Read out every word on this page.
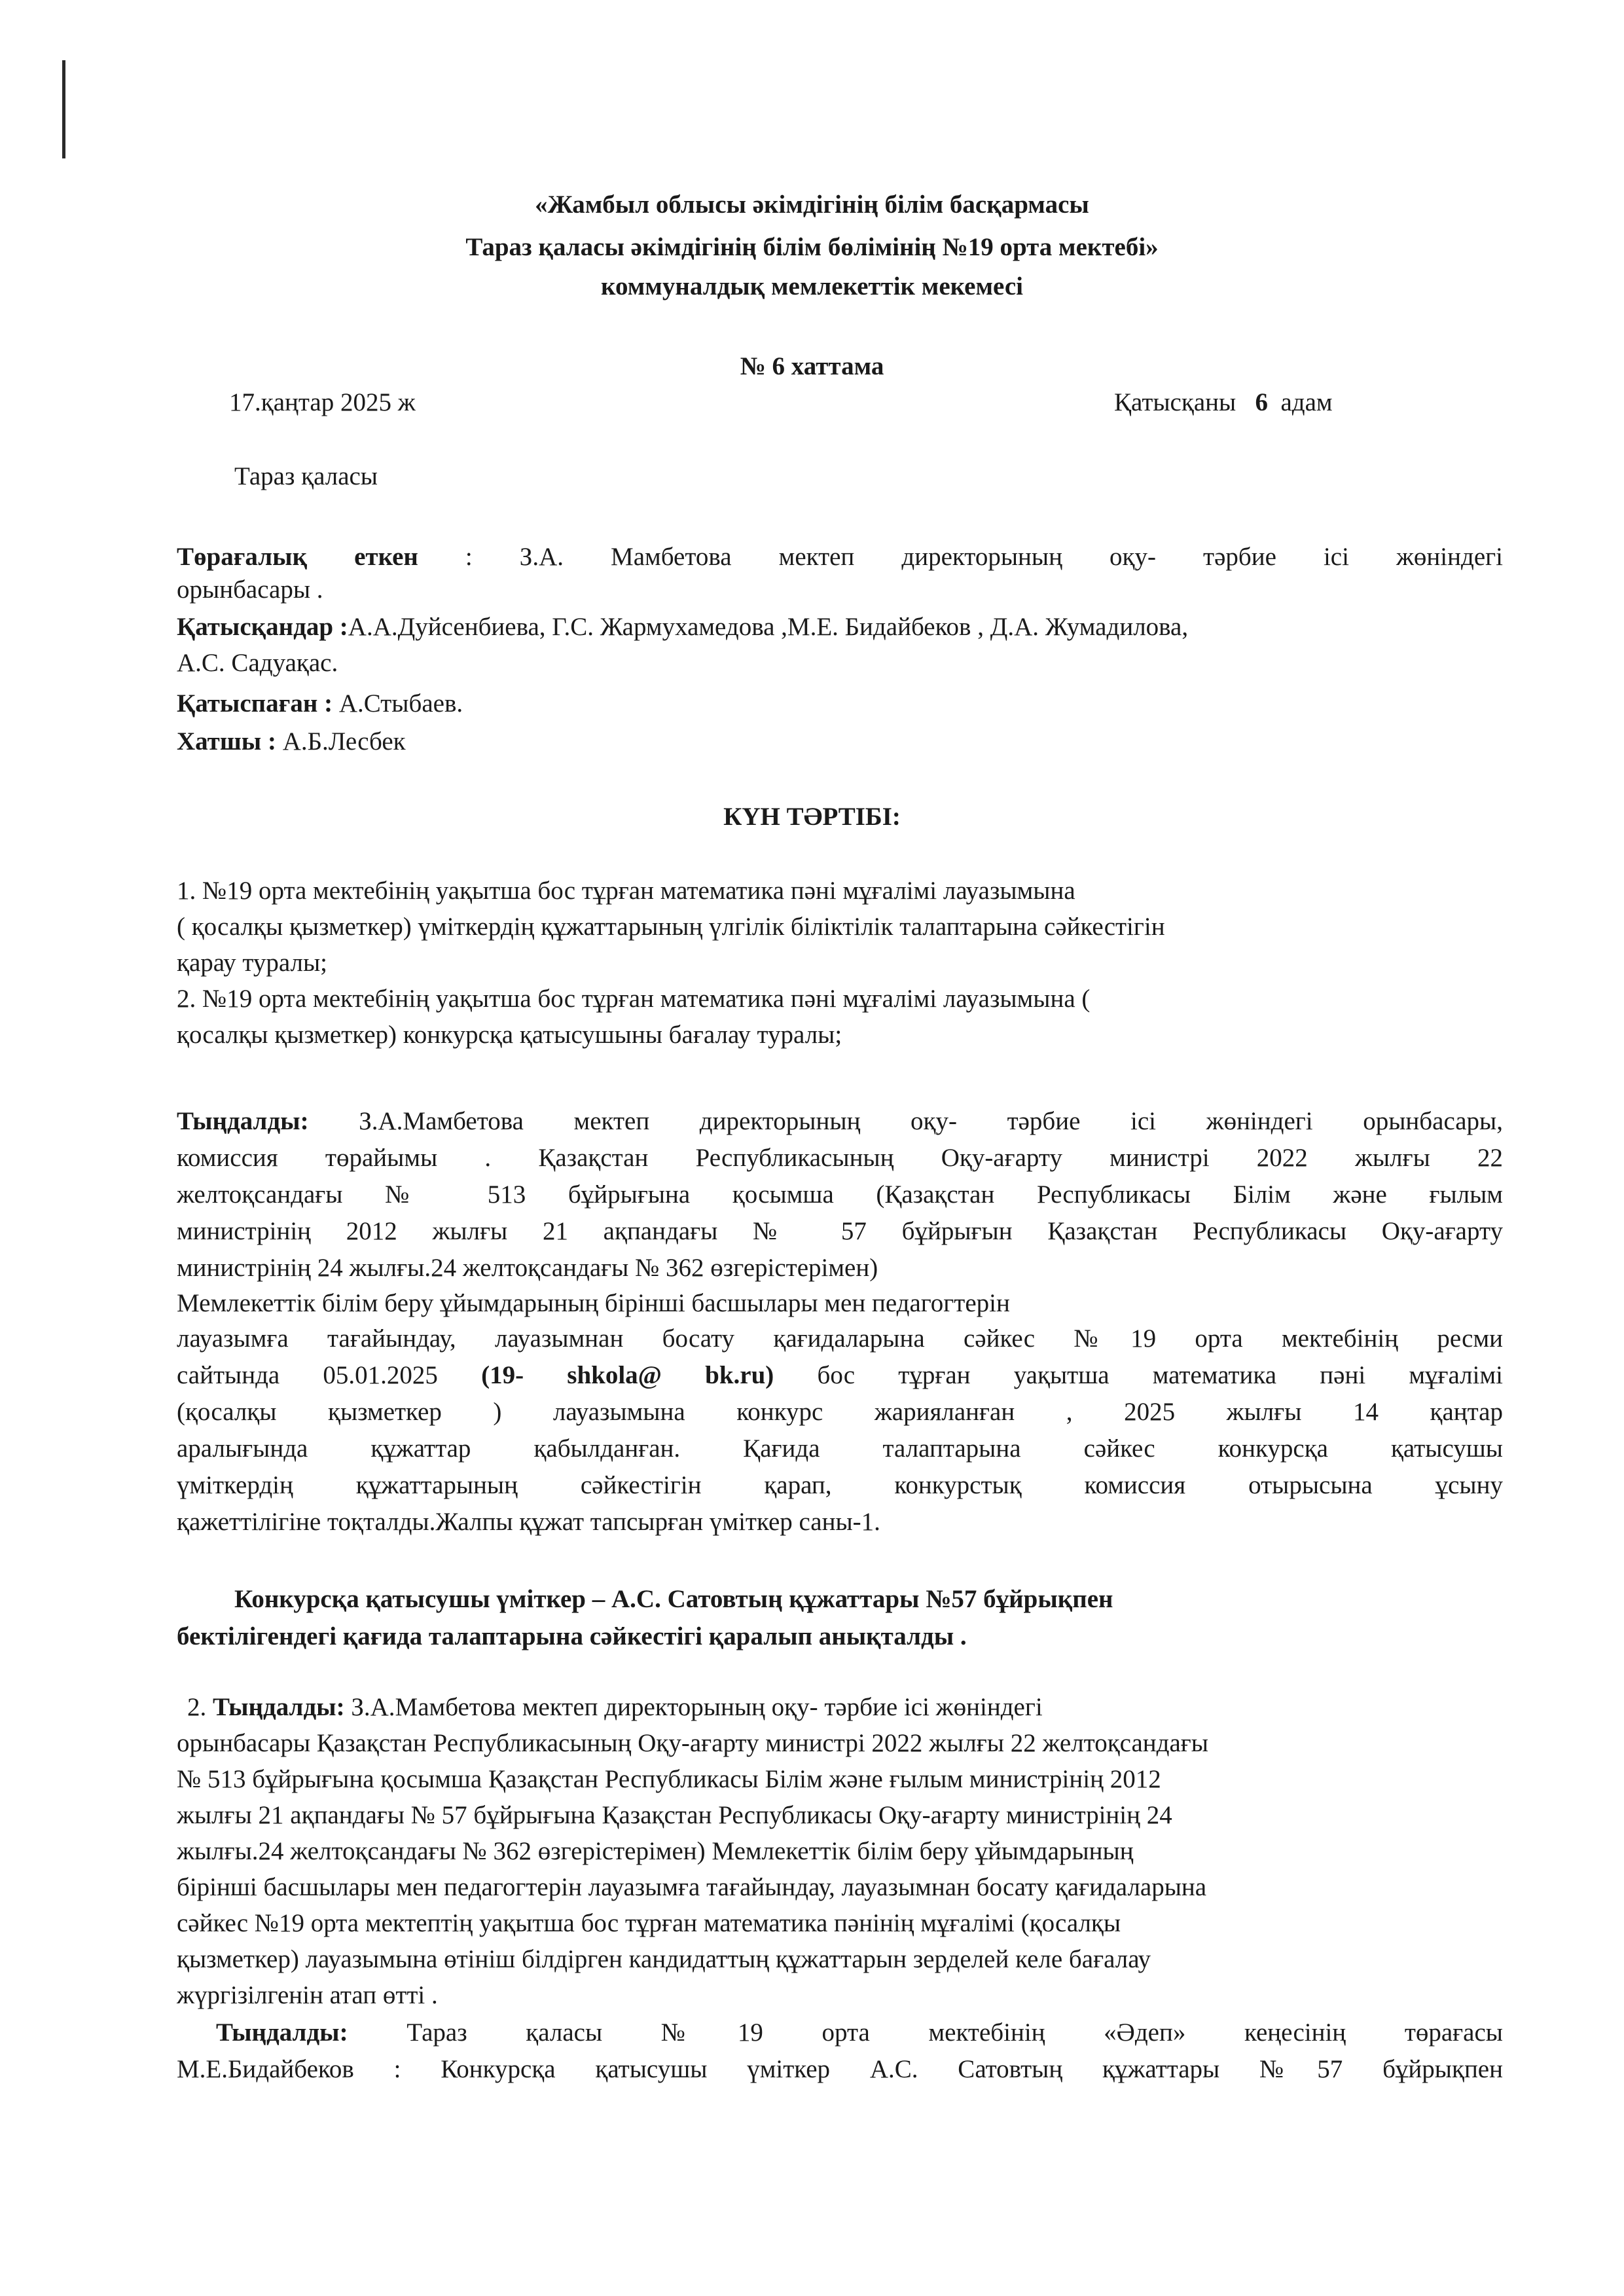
«Жамбыл облысы әкімдігінің білім басқармасы
Тараз қаласы әкімдігінің білім бөлімінің №19 орта мектебі»
коммуналдық мемлекеттік мекемесі
№ 6 хаттама
17.қаңтар 2025 ж	Қатысқаны 6 адам
Тараз қаласы
Төрағалық еткен : З.А. Мамбетова мектеп директорының оқу- тәрбие ісі жөніндегі
орынбасары .
Қатысқандар :А.А.Дуйсенбиева, Г.С. Жармухамедова ,М.Е. Бидайбеков , Д.А. Жумадилова,
А.С. Садуақас.
Қатыспаған : А.Стыбаев.
Хатшы : А.Б.Лесбек
КҮН ТӘРТІБІ:
1. №19 орта мектебінің уақытша бос тұрған математика пәні мұғалімі лауазымына
( қосалқы қызметкер) үміткердің құжаттарының үлгілік біліктілік талаптарына сәйкестігін
қарау туралы;
2. №19 орта мектебінің уақытша бос тұрған математика пәні мұғалімі лауазымына (
қосалқы қызметкер) конкурсқа қатысушыны бағалау туралы;
Тыңдалды: З.А.Мамбетова мектеп директорының оқу- тәрбие ісі жөніндегі орынбасары,
комиссия төрайымы . Қазақстан Республикасының Оқу-ағарту министрі 2022 жылғы 22
желтоқсандағы № 513 бұйрығына қосымша (Қазақстан Республикасы Білім және ғылым
министрінің 2012 жылғы 21 ақпандағы № 57 бұйрығын Қазақстан Республикасы Оқу-ағарту
министрінің 24 жылғы.24 желтоқсандағы № 362 өзгерістерімен)
Мемлекеттік білім беру ұйымдарының бірінші басшылары мен педагогтерін
лауазымға тағайындау, лауазымнан босату қағидаларына сәйкес №19 орта мектебінің ресми
сайтында 05.01.2025 (19- shkola@ bk.ru) бос тұрған уақытша математика пәні мұғалімі
(қосалқы қызметкер ) лауазымына конкурс жарияланған , 2025 жылғы 14 қаңтар
аралығында құжаттар қабылданған. Қағида талаптарына сәйкес конкурсқа қатысушы
үміткердің құжаттарының сәйкестігін қарап, конкурстық комиссия отырысына ұсыну
қажеттілігіне тоқталды.Жалпы құжат тапсырған үміткер саны-1.
Конкурсқа қатысушы үміткер – А.С. Сатовтың құжаттары №57 бұйрықпен
бектілігендегі қағида талаптарына сәйкестігі қаралып анықталды .
2. Тыңдалды: З.А.Мамбетова мектеп директорының оқу- тәрбие ісі жөніндегі
орынбасары Қазақстан Республикасының Оқу-ағарту министрі 2022 жылғы 22 желтоқсандағы
№ 513 бұйрығына қосымша Қазақстан Республикасы Білім және ғылым министрінің 2012
жылғы 21 ақпандағы № 57 бұйрығына Қазақстан Республикасы Оқу-ағарту министрінің 24
жылғы.24 желтоқсандағы № 362 өзгерістерімен) Мемлекеттік білім беру ұйымдарының
бірінші басшылары мен педагогтерін лауазымға тағайындау, лауазымнан босату қағидаларына
сәйкес №19 орта мектептің уақытша бос тұрған математика пәнінің мұғалімі (қосалқы
қызметкер) лауазымына өтініш білдірген кандидаттың құжаттарын зерделей келе бағалау
жүргізілгенін атап өтті .
Тыңдалды: Тараз қаласы №19 орта мектебінің «Әдеп» кеңесінің төрағасы
М.Е.Бидайбеков : Конкурсқа қатысушы үміткер А.С. Сатовтың құжаттары №57 бұйрықпен
